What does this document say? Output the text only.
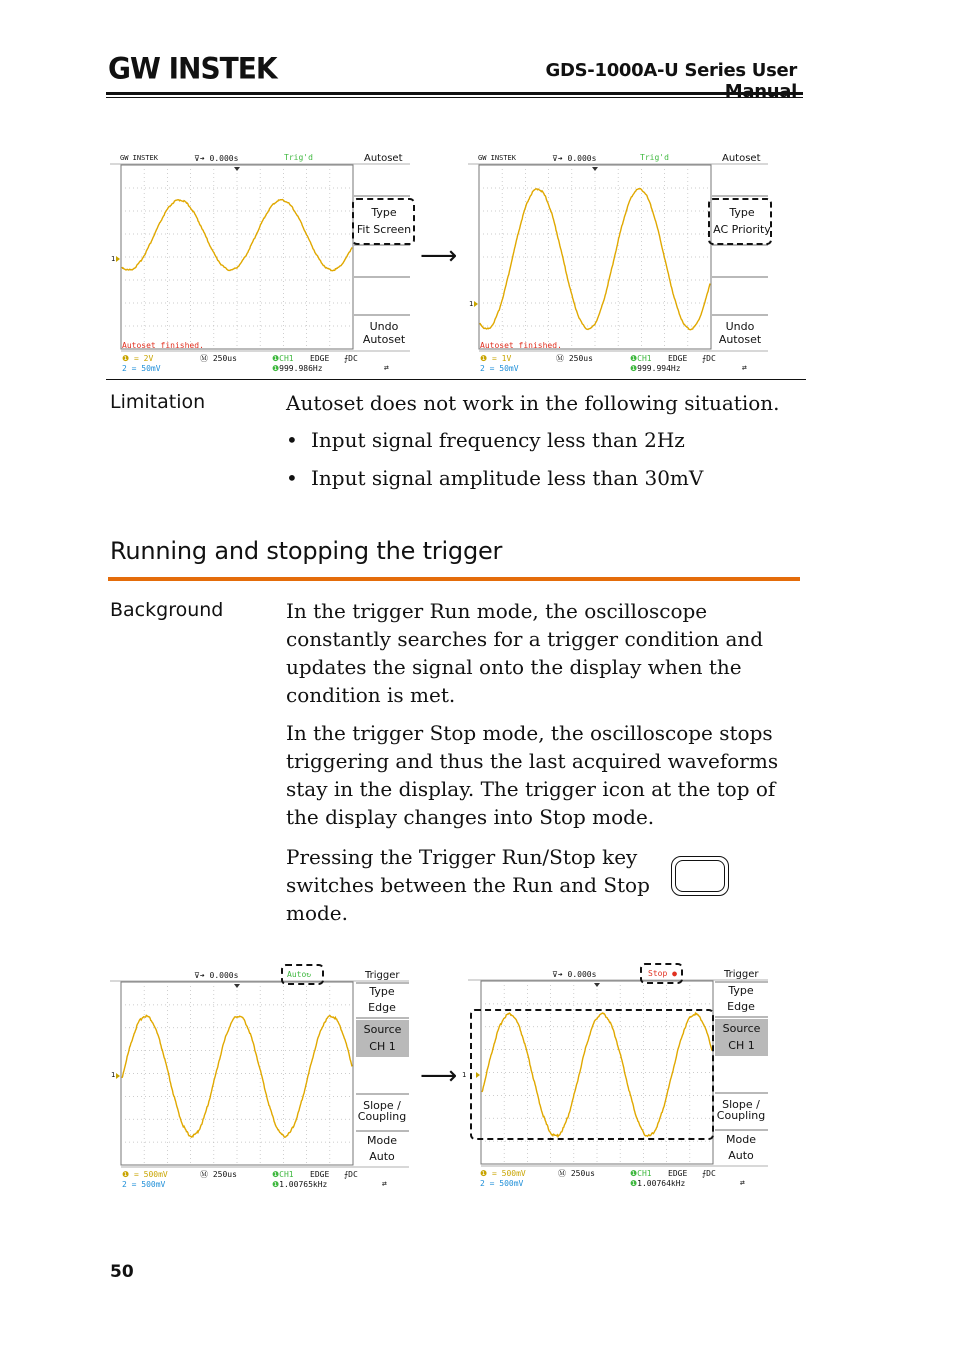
GW INSTEK	GDS-1000A-U Series User
GW INSTEK	⊽➔ 0.000s	Trig'd	Autoset
Type
Fit Screen
Undo
Autoset
Autoset finished.
1
❶ = 2V
2 = 50mV
Ⓜ 250us	❶CH1 EDGE ⨍DC
❶999.986Hz	⇄
⟶
GW INSTEK	⊽➔ 0.000s	Trig'd	Autoset
Type
AC Priority
Undo
Autoset
Autoset finished.
1
❶ = 1V
2 = 50mV
Ⓜ 250us	❶CH1 EDGE ⨍DC
❶999.994Hz	⇄
Limitation	Autoset does not work in the following situation.
• Input signal frequency less than 2Hz
• Input signal amplitude less than 30mV
Running and stopping the trigger
Background	In the trigger Run mode, the oscilloscope
constantly searches for a trigger condition and
updates the signal onto the display when the
condition is met.
In the trigger Stop mode, the oscilloscope stops
triggering and thus the last acquired waveforms
stay in the display. The trigger icon at the top of
the display changes into Stop mode.
Pressing the Trigger Run/Stop key
switches between the Run and Stop
mode.
⊽➔ 0.000s	Auto↻	Trigger
Type
Edge
Source
CH 1
Slope /
Coupling
Mode
Auto
1
❶ = 500mV
2 = 500mV
Ⓜ 250us	❶CH1 EDGE ⨍DC
❶1.00765kHz	⇄
⟶
⊽➔ 0.000s	Stop ●	Trigger
Type
Edge
Source
CH 1
Slope /
Coupling
Mode
Auto
1
❶ = 500mV
2 = 500mV
Ⓜ 250us	❶CH1 EDGE ⨍DC
❶1.00764kHz	⇄
50
